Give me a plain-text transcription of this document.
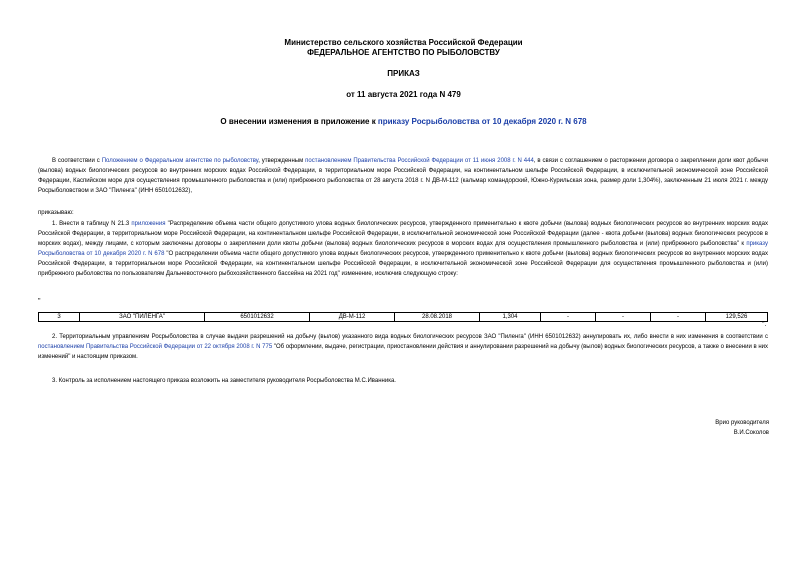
Министерство сельского хозяйства Российской Федерации
ФЕДЕРАЛЬНОЕ АГЕНТСТВО ПО РЫБОЛОВСТВУ
ПРИКАЗ
от 11 августа 2021 года N 479
О внесении изменения в приложение к приказу Росрыболовства от 10 декабря 2020 г. N 678
В соответствии с Положением о Федеральном агентстве по рыболовству, утвержденным постановлением Правительства Российской Федерации от 11 июня 2008 г. N 444, в связи с соглашением о расторжении договора о закреплении доли квот добычи (вылова) водных биологических ресурсов во внутренних морских водах Российской Федерации, в территориальном море Российской Федерации, на континентальном шельфе Российской Федерации, в исключительной экономической зоне Российской Федерации, Каспийском море для осуществления промышленного рыболовства и (или) прибрежного рыболовства от 28 августа 2018 г. N ДВ-М-112 (кальмар командорский, Южно-Курильская зона, размер доли 1,304%), заключенным 21 июля 2021 г. между Росрыболовством и ЗАО "Пиленга" (ИНН 6501012632),
приказываю:
1. Внести в таблицу N 21.3 приложения "Распределение объема части общего допустимого улова водных биологических ресурсов, утвержденного применительно к квоте добычи (вылова) водных биологических ресурсов во внутренних морских водах Российской Федерации, в территориальном море Российской Федерации, на континентальном шельфе Российской Федерации, в исключительной экономической зоне Российской Федерации (далее - квота добычи (вылова) водных биологических ресурсов в морских водах), между лицами, с которым заключены договоры о закреплении доли квоты добычи (вылова) водных биологических ресурсов в морских водах для осуществления промышленного рыболовства и (или) прибрежного рыболовства" к приказу Росрыболовства от 10 декабря 2020 г. N 678 "О распределении объема части общего допустимого улова водных биологических ресурсов, утвержденного применительно к квоте добычи (вылова) водных биологических ресурсов во внутренних морских водах Российской Федерации, в территориальном море Российской Федерации, на континентальном шельфе Российской Федерации, в исключительной экономической зоне Российской Федерации для осуществления промышленного рыболовства и (или) прибрежного рыболовства по пользователям Дальневосточного рыбохозяйственного бассейна на 2021 год" изменение, исключив следующую строку:
"
3	ЗАО "ПИЛЕНГА"	6501012632	ДВ-М-112	28.08.2018	1,304	-	-	-	129,526
".
2. Территориальным управлениям Росрыболовства в случае выдачи разрешений на добычу (вылов) указанного вида водных биологических ресурсов ЗАО "Пиленга" (ИНН 6501012632) аннулировать их, либо внести в них изменения в соответствии с постановлением Правительства Российской Федерации от 22 октября 2008 г. N 775 "Об оформлении, выдаче, регистрации, приостановлении действия и аннулировании разрешений на добычу (вылов) водных биологических ресурсов, а также о внесении в них изменений" и настоящим приказом.
3. Контроль за исполнением настоящего приказа возложить на заместителя руководителя Росрыболовства М.С.Иванника.
Врио руководителя
В.И.Соколов
